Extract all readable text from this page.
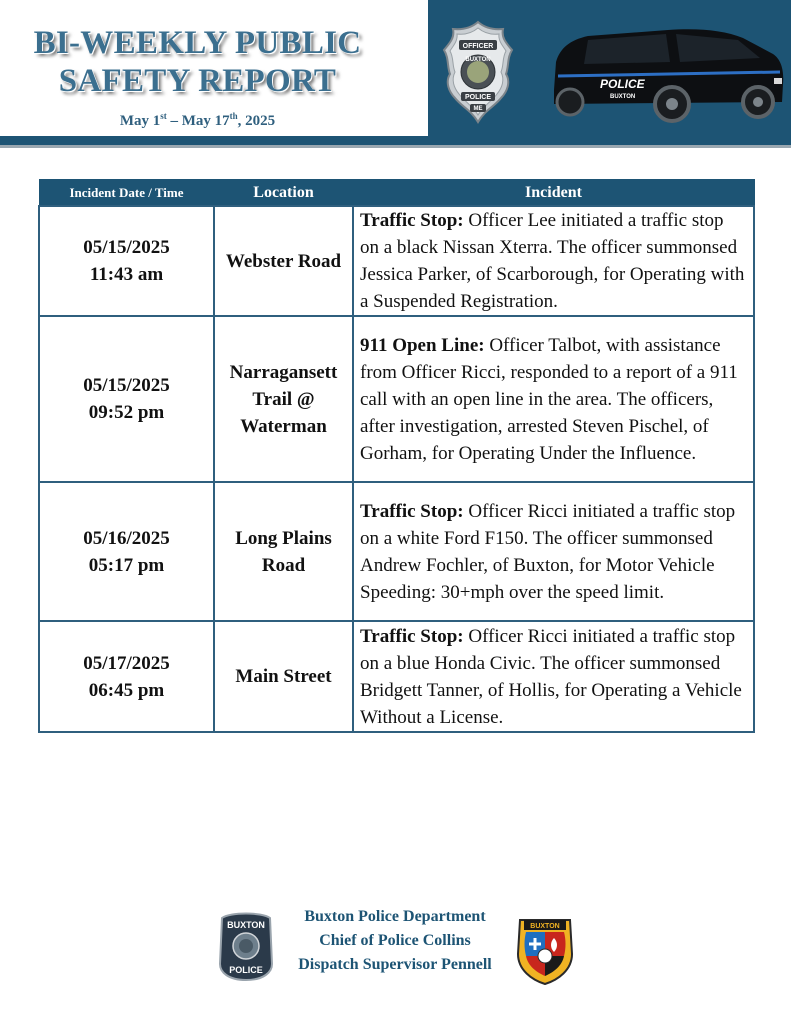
BI-WEEKLY PUBLIC
SAFETY REPORT
May 1st – May 17th, 2025
OFFICER
BUXTON
POLICE
ME
POLICE
BUXTON
Incident Date / Time	Location	Incident

05/15/2025
11:43 am	Webster Road	Traffic Stop: Officer Lee initiated a traffic stop on a black Nissan Xterra. The officer summonsed Jessica Parker, of Scarborough, for Operating with a Suspended Registration.

05/15/2025
09:52 pm	Narragansett Trail @ Waterman	911 Open Line: Officer Talbot, with assistance from Officer Ricci, responded to a report of a 911 call with an open line in the area. The officers, after investigation, arrested Steven Pischel, of Gorham, for Operating Under the Influence.

05/16/2025
05:17 pm	Long Plains Road	Traffic Stop: Officer Ricci initiated a traffic stop on a white Ford F150. The officer summonsed Andrew Fochler, of Buxton, for Motor Vehicle Speeding: 30+mph over the speed limit.

05/17/2025
06:45 pm	Main Street	Traffic Stop: Officer Ricci initiated a traffic stop on a blue Honda Civic. The officer summonsed Bridgett Tanner, of Hollis, for Operating a Vehicle Without a License.
BUXTON
POLICE
Buxton Police Department
Chief of Police Collins
Dispatch Supervisor Pennell
BUXTON
